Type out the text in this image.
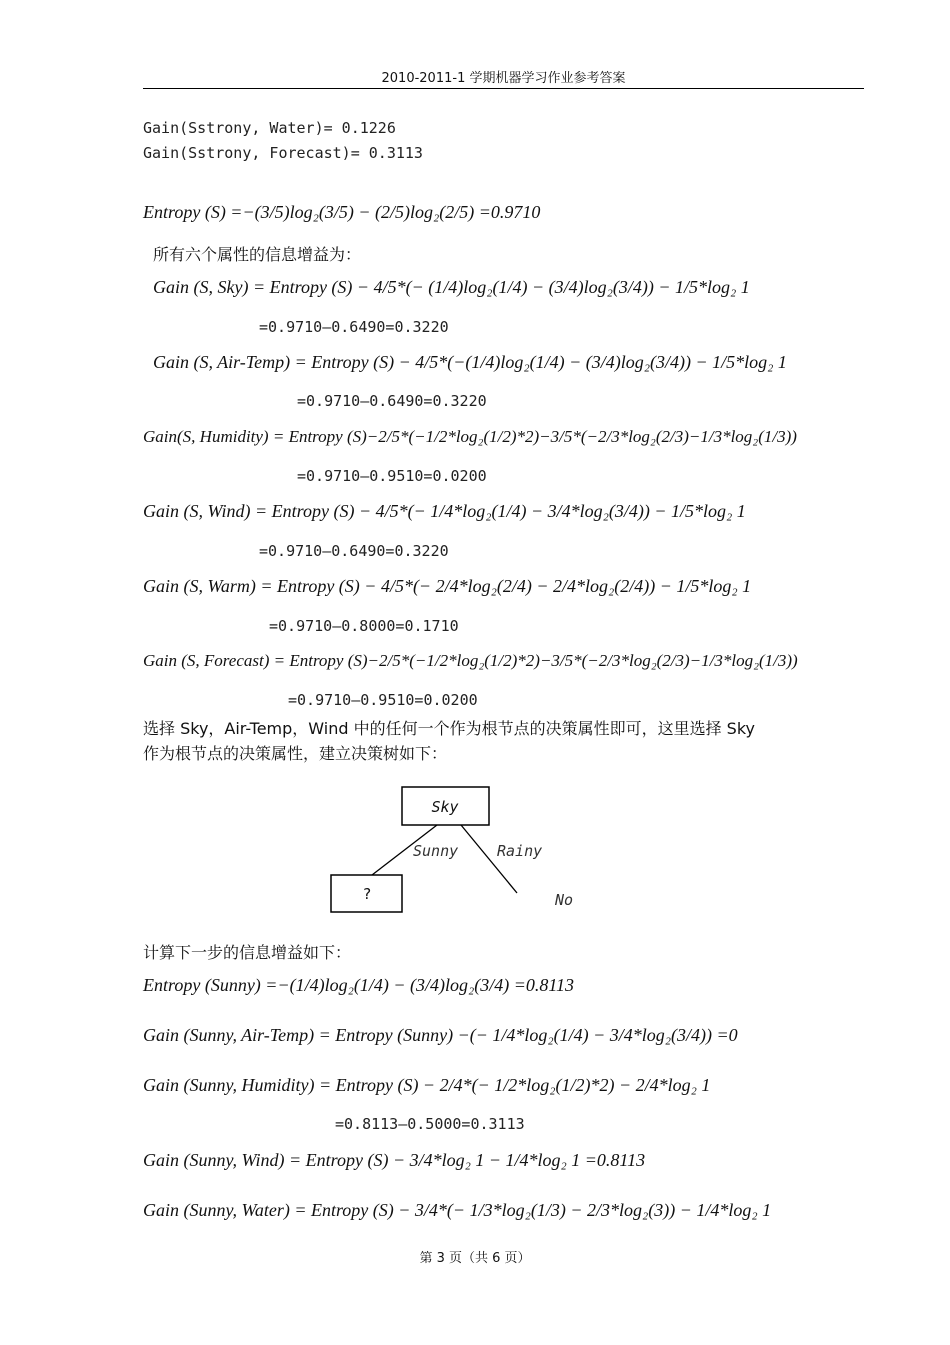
2010-2011-1 学期机器学习作业参考答案
Gain(Sstrony, Water)= 0.1226
Gain(Sstrony, Forecast)= 0.3113
Entropy (S) =−(3/5)log₂(3/5) − (2/5)log₂(2/5) =0.9710
所有六个属性的信息增益为：
Gain (S, Sky) = Entropy (S) − 4/5*(− (1/4)log₂(1/4) − (3/4)log₂(3/4)) − 1/5*log₂ 1
=0.9710—0.6490=0.3220
Gain (S, Air-Temp) = Entropy (S) − 4/5*(−(1/4)log₂(1/4) − (3/4)log₂(3/4)) − 1/5*log₂ 1
=0.9710—0.6490=0.3220
Gain(S, Humidity) = Entropy (S)−2/5*(−1/2*log₂(1/2)*2)−3/5*(−2/3*log₂(2/3)−1/3*log₂(1/3))
=0.9710—0.9510=0.0200
Gain (S, Wind) = Entropy (S) − 4/5*(− 1/4*log₂(1/4) − 3/4*log₂(3/4)) − 1/5*log₂ 1
=0.9710—0.6490=0.3220
Gain (S, Warm) = Entropy (S) − 4/5*(− 2/4*log₂(2/4) − 2/4*log₂(2/4)) − 1/5*log₂ 1
=0.9710—0.8000=0.1710
Gain (S, Forecast) = Entropy (S)−2/5*(−1/2*log₂(1/2)*2)−3/5*(−2/3*log₂(2/3)−1/3*log₂(1/3))
=0.9710—0.9510=0.0200
选择 Sky，Air-Temp，Wind 中的任何一个作为根节点的决策属性即可，这里选择 Sky
作为根节点的决策属性，建立决策树如下：
Sky
Sunny	Rainy
?	No
计算下一步的信息增益如下：
Entropy (Sunny) =−(1/4)log₂(1/4) − (3/4)log₂(3/4) =0.8113
Gain (Sunny, Air-Temp) = Entropy (Sunny) −(− 1/4*log₂(1/4) − 3/4*log₂(3/4)) =0
Gain (Sunny, Humidity) = Entropy (S) − 2/4*(− 1/2*log₂(1/2)*2) − 2/4*log₂ 1
=0.8113—0.5000=0.3113
Gain (Sunny, Wind) = Entropy (S) − 3/4*log₂ 1 − 1/4*log₂ 1 =0.8113
Gain (Sunny, Water) = Entropy (S) − 3/4*(− 1/3*log₂(1/3) − 2/3*log₂(3)) − 1/4*log₂ 1
第 3 页（共 6 页）
